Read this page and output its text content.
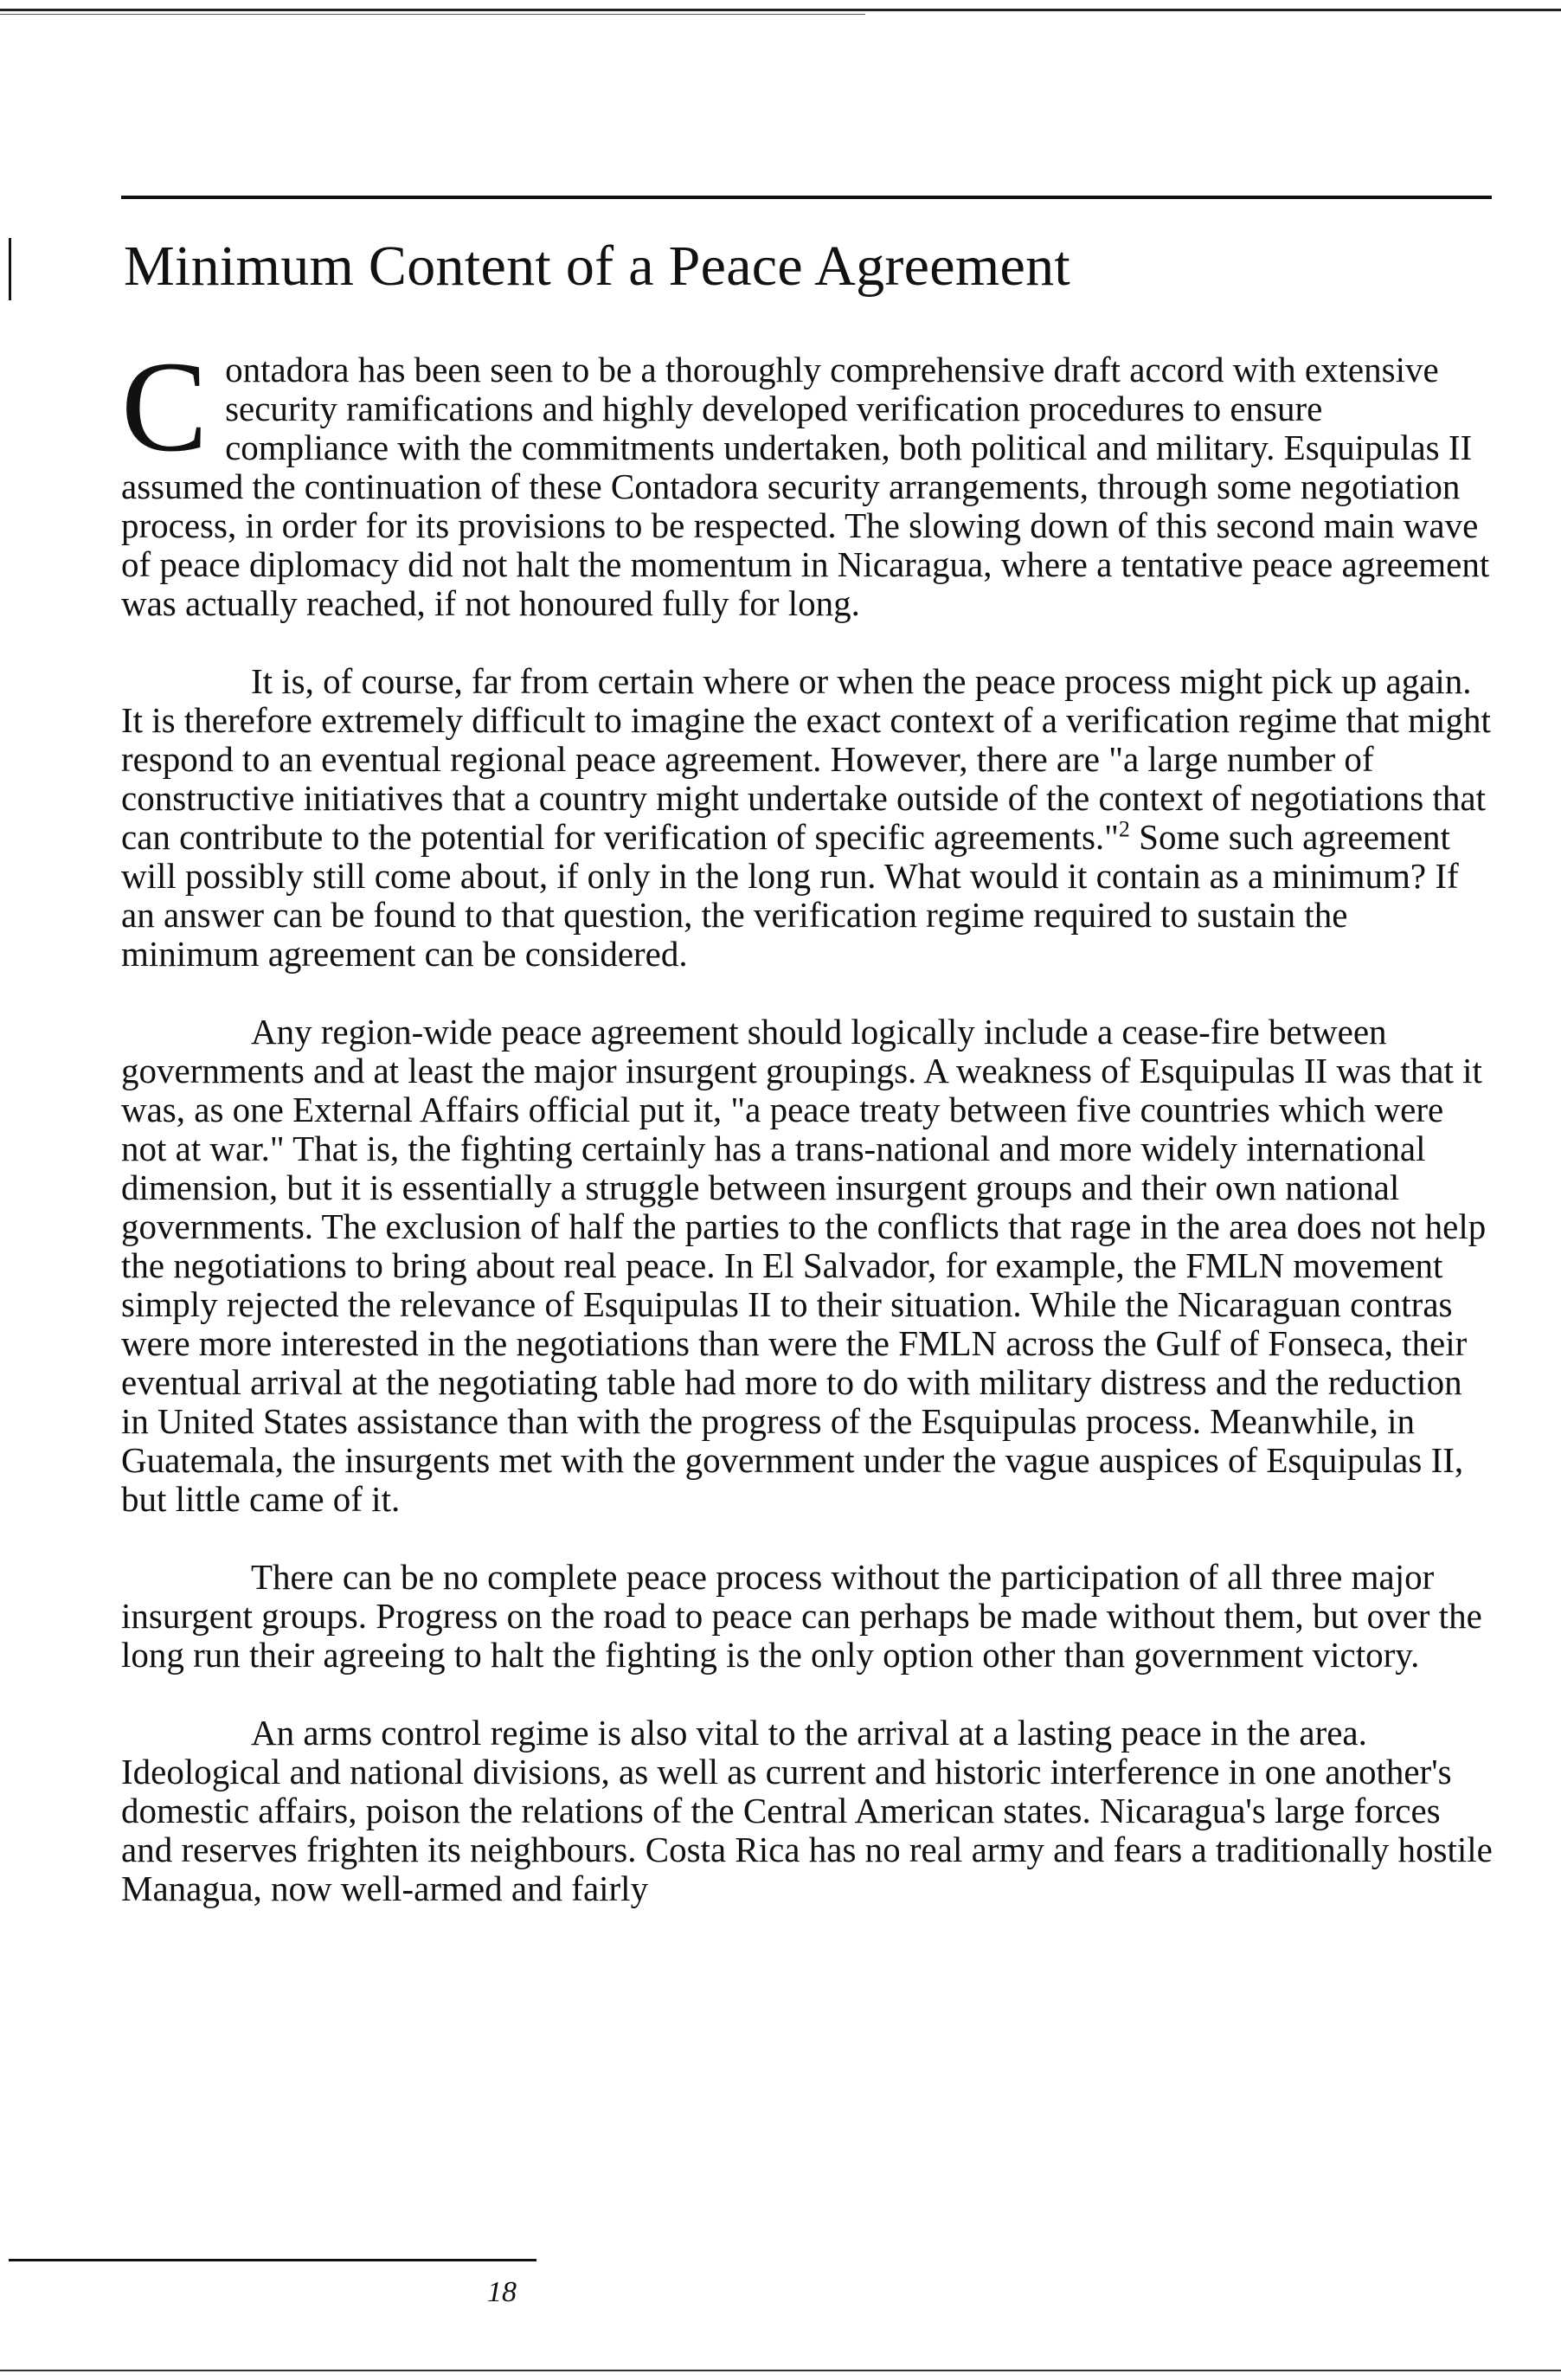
Minimum Content of a Peace Agreement

Contadora has been seen to be a thoroughly comprehensive draft accord with extensive security ramifications and highly developed verification procedures to ensure compliance with the commitments undertaken, both political and military. Esquipulas II assumed the continuation of these Contadora security arrangements, through some negotiation process, in order for its provisions to be respected. The slowing down of this second main wave of peace diplomacy did not halt the momentum in Nicaragua, where a tentative peace agreement was actually reached, if not honoured fully for long.

It is, of course, far from certain where or when the peace process might pick up again. It is therefore extremely difficult to imagine the exact context of a verification regime that might respond to an eventual regional peace agreement. However, there are "a large number of constructive initiatives that a country might undertake outside of the context of negotiations that can contribute to the potential for verification of specific agreements."$^2$ Some such agreement will possibly still come about, if only in the long run. What would it contain as a minimum? If an answer can be found to that question, the verification regime required to sustain the minimum agreement can be considered.

Any region-wide peace agreement should logically include a cease-fire between governments and at least the major insurgent groupings. A weakness of Esquipulas II was that it was, as one External Affairs official put it, "a peace treaty between five countries which were not at war." That is, the fighting certainly has a trans-national and more widely international dimension, but it is essentially a struggle between insurgent groups and their own national governments. The exclusion of half the parties to the conflicts that rage in the area does not help the negotiations to bring about real peace. In El Salvador, for example, the FMLN movement simply rejected the relevance of Esquipulas II to their situation. While the Nicaraguan contras were more interested in the negotiations than were the FMLN across the Gulf of Fonseca, their eventual arrival at the negotiating table had more to do with military distress and the reduction in United States assistance than with the progress of the Esquipulas process. Meanwhile, in Guatemala, the insurgents met with the government under the vague auspices of Esquipulas II, but little came of it.

There can be no complete peace process without the participation of all three major insurgent groups. Progress on the road to peace can perhaps be made without them, but over the long run their agreeing to halt the fighting is the only option other than government victory.

An arms control regime is also vital to the arrival at a lasting peace in the area. Ideological and national divisions, as well as current and historic interference in one another's domestic affairs, poison the relations of the Central American states. Nicaragua's large forces and reserves frighten its neighbours. Costa Rica has no real army and fears a traditionally hostile Managua, now well-armed and fairly

18
